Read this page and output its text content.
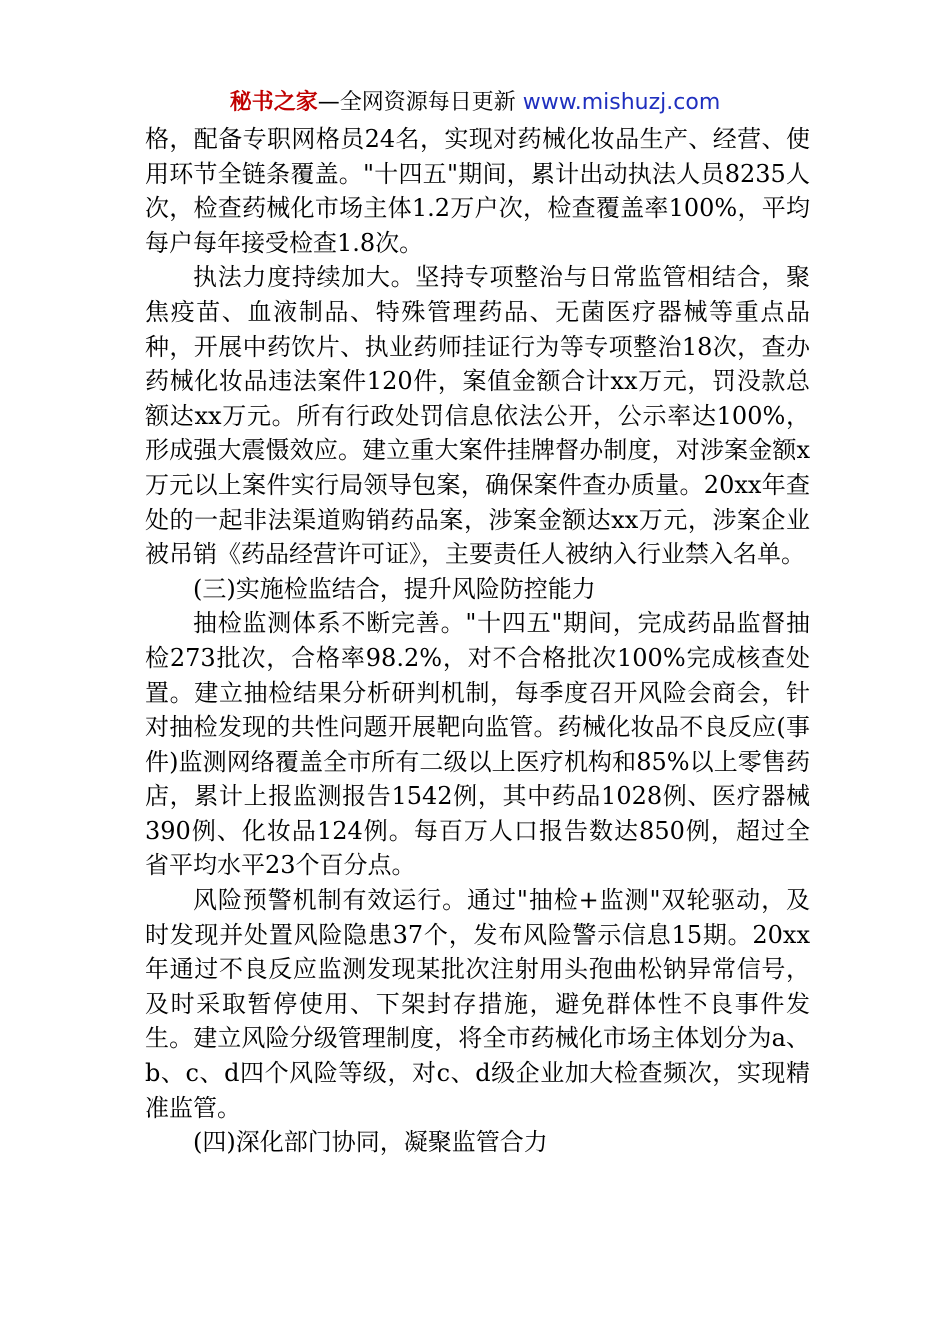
秘书之家—全网资源每日更新 www.mishuzj.com

格，配备专职网格员24名，实现对药械化妆品生产、经营、使用环节全链条覆盖。"十四五"期间，累计出动执法人员8235人次，检查药械化市场主体1.2万户次，检查覆盖率100%，平均每户每年接受检查1.8次。

执法力度持续加大。坚持专项整治与日常监管相结合，聚焦疫苗、血液制品、特殊管理药品、无菌医疗器械等重点品种，开展中药饮片、执业药师挂证行为等专项整治18次，查办药械化妆品违法案件120件，案值金额合计xx万元，罚没款总额达xx万元。所有行政处罚信息依法公开，公示率达100%，形成强大震慑效应。建立重大案件挂牌督办制度，对涉案金额x万元以上案件实行局领导包案，确保案件查办质量。20xx年查处的一起非法渠道购销药品案，涉案金额达xx万元，涉案企业被吊销《药品经营许可证》，主要责任人被纳入行业禁入名单。

(三)实施检监结合，提升风险防控能力

抽检监测体系不断完善。"十四五"期间，完成药品监督抽检273批次，合格率98.2%，对不合格批次100%完成核查处置。建立抽检结果分析研判机制，每季度召开风险会商会，针对抽检发现的共性问题开展靶向监管。药械化妆品不良反应(事件)监测网络覆盖全市所有二级以上医疗机构和85%以上零售药店，累计上报监测报告1542例，其中药品1028例、医疗器械390例、化妆品124例。每百万人口报告数达850例，超过全省平均水平23个百分点。

风险预警机制有效运行。通过"抽检+监测"双轮驱动，及时发现并处置风险隐患37个，发布风险警示信息15期。20xx年通过不良反应监测发现某批次注射用头孢曲松钠异常信号，及时采取暂停使用、下架封存措施，避免群体性不良事件发生。建立风险分级管理制度，将全市药械化市场主体划分为a、b、c、d四个风险等级，对c、d级企业加大检查频次，实现精准监管。

(四)深化部门协同，凝聚监管合力
